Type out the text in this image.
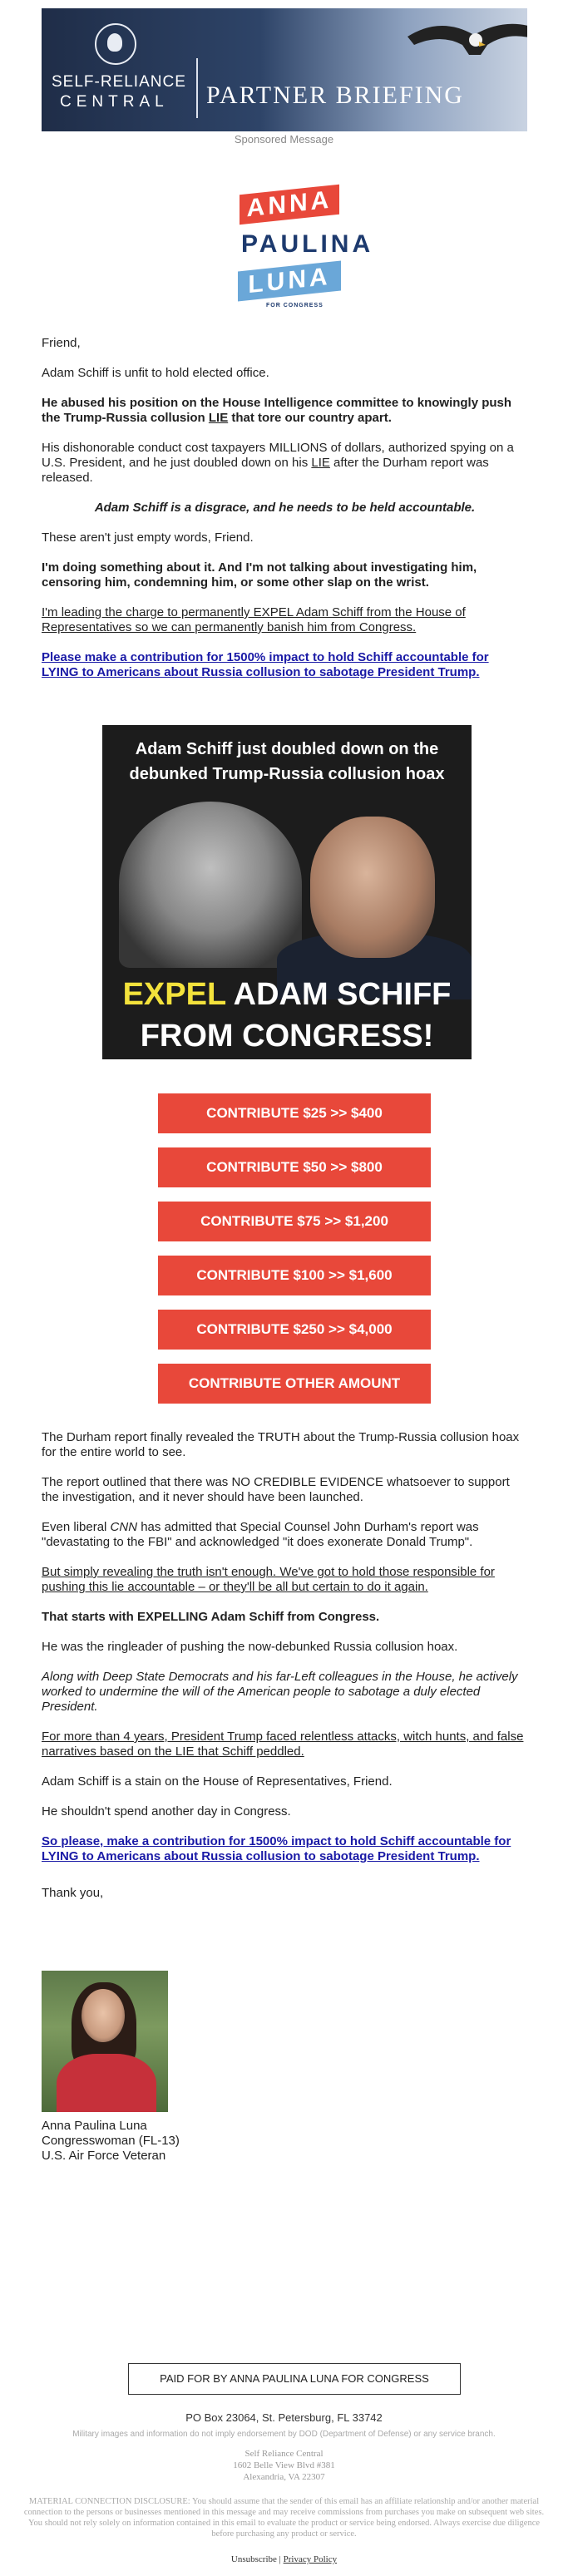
SELF-RELIANCE
CENTRAL PARTNER BRIEFING
Sponsored Message
ANNA
PAULINA
LUNA
FOR CONGRESS

Friend,

Adam Schiff is unfit to hold elected office.

He abused his position on the House Intelligence committee to knowingly push the Trump-Russia collusion LIE that tore our country apart.

His dishonorable conduct cost taxpayers MILLIONS of dollars, authorized spying on a U.S. President, and he just doubled down on his LIE after the Durham report was released.

Adam Schiff is a disgrace, and he needs to be held accountable.

These aren't just empty words, Friend.

I'm doing something about it. And I'm not talking about investigating him, censoring him, condemning him, or some other slap on the wrist.

I'm leading the charge to permanently EXPEL Adam Schiff from the House of Representatives so we can permanently banish him from Congress.

Please make a contribution for 1500% impact to hold Schiff accountable for LYING to Americans about Russia collusion to sabotage President Trump.

Adam Schiff just doubled down on the
debunked Trump-Russia collusion hoax
EXPEL ADAM SCHIFF
FROM CONGRESS!
CONTRIBUTE $25 >> $400
CONTRIBUTE $50 >> $800
CONTRIBUTE $75 >> $1,200
CONTRIBUTE $100 >> $1,600
CONTRIBUTE $250 >> $4,000
CONTRIBUTE OTHER AMOUNT

The Durham report finally revealed the TRUTH about the Trump-Russia collusion hoax for the entire world to see.

The report outlined that there was NO CREDIBLE EVIDENCE whatsoever to support the investigation, and it never should have been launched.

Even liberal CNN has admitted that Special Counsel John Durham's report was "devastating to the FBI" and acknowledged "it does exonerate Donald Trump".

But simply revealing the truth isn't enough. We've got to hold those responsible for pushing this lie accountable – or they'll be all but certain to do it again.

That starts with EXPELLING Adam Schiff from Congress.

He was the ringleader of pushing the now-debunked Russia collusion hoax.

Along with Deep State Democrats and his far-Left colleagues in the House, he actively worked to undermine the will of the American people to sabotage a duly elected President.

For more than 4 years, President Trump faced relentless attacks, witch hunts, and false narratives based on the LIE that Schiff peddled.

Adam Schiff is a stain on the House of Representatives, Friend.

He shouldn't spend another day in Congress.

So please, make a contribution for 1500% impact to hold Schiff accountable for LYING to Americans about Russia collusion to sabotage President Trump.

Thank you,

Anna Paulina Luna

Congresswoman (FL-13)

U.S. Air Force Veteran

PAID FOR BY ANNA PAULINA LUNA FOR CONGRESS
PO Box 23064, St. Petersburg, FL 33742
Military images and information do not imply endorsement by DOD (Department of Defense) or any service branch.
Self Reliance Central
1602 Belle View Blvd #381
Alexandria, VA 22307
MATERIAL CONNECTION DISCLOSURE: You should assume that the sender of this email has an affiliate relationship and/or another material connection to the persons or businesses mentioned in this message and may receive commissions from purchases you make on subsequent web sites. You should not rely solely on information contained in this email to evaluate the product or service being endorsed. Always exercise due diligence before purchasing any product or service.
Unsubscribe | Privacy Policy
